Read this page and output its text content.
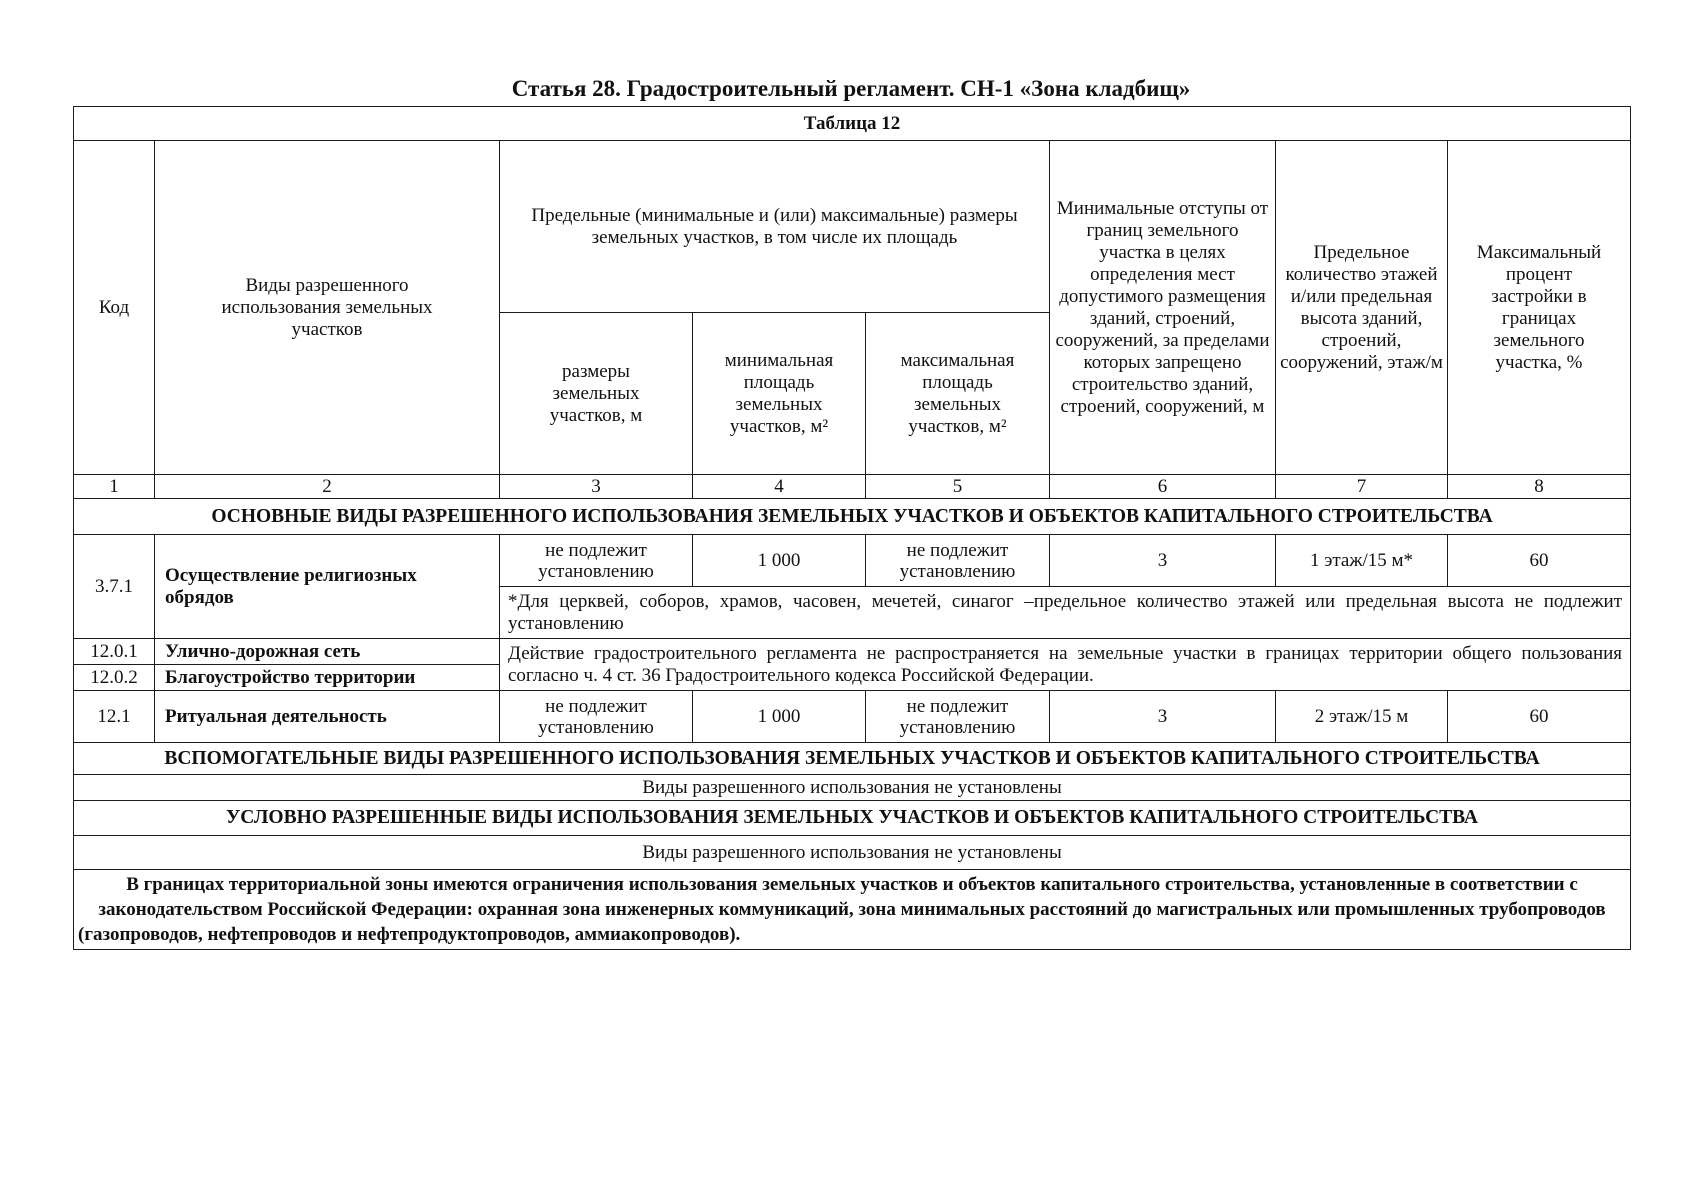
Статья 28. Градостроительный регламент. СН-1 «Зона кладбищ»
Таблица 12							
Код	Виды разрешенного использования земельных участков	Предельные (минимальные и (или) максимальные) размеры земельных участков, в том числе их площадь			Минимальные отступы от границ земельного участка в целях определения мест допустимого размещения зданий, строений, сооружений, за пределами которых запрещено строительство зданий, строений, сооружений, м	Предельное количество этажей и/или предельная высота зданий, строений, сооружений, этаж/м	Максимальный процент застройки в границах земельного участка, %
		размеры земельных участков, м	минимальная площадь земельных участков, м²	максимальная площадь земельных участков, м²			
1	2	3	4	5	6	7	8
ОСНОВНЫЕ ВИДЫ РАЗРЕШЕННОГО ИСПОЛЬЗОВАНИЯ ЗЕМЕЛЬНЫХ УЧАСТКОВ И ОБЪЕКТОВ КАПИТАЛЬНОГО СТРОИТЕЛЬСТВА							
3.7.1	Осуществление религиозных обрядов	не подлежит установлению	1 000	не подлежит установлению	3	1 этаж/15 м*	60
		*Для церквей, соборов, храмов, часовен, мечетей, синагог –предельное количество этажей или предельная высота не подлежит установлению					
12.0.1	Улично-дорожная сеть	Действие градостроительного регламента не распространяется на земельные участки в границах территории общего пользования согласно ч. 4 ст. 36 Градостроительного кодекса Российской Федерации.					
12.0.2	Благоустройство территории						
12.1	Ритуальная деятельность	не подлежит установлению	1 000	не подлежит установлению	3	2 этаж/15 м	60
ВСПОМОГАТЕЛЬНЫЕ ВИДЫ РАЗРЕШЕННОГО ИСПОЛЬЗОВАНИЯ ЗЕМЕЛЬНЫХ УЧАСТКОВ И ОБЪЕКТОВ КАПИТАЛЬНОГО СТРОИТЕЛЬСТВА							
Виды разрешенного использования не установлены							
УСЛОВНО РАЗРЕШЕННЫЕ ВИДЫ ИСПОЛЬЗОВАНИЯ ЗЕМЕЛЬНЫХ УЧАСТКОВ И ОБЪЕКТОВ КАПИТАЛЬНОГО СТРОИТЕЛЬСТВА							
Виды разрешенного использования не установлены							
В границах территориальной зоны имеются ограничения использования земельных участков и объектов капитального строительства, установленные в соответствии с законодательством Российской Федерации: охранная зона инженерных коммуникаций, зона минимальных расстояний до магистральных или промышленных трубопроводов (газопроводов, нефтепроводов и нефтепродуктопроводов, аммиакопроводов).							
